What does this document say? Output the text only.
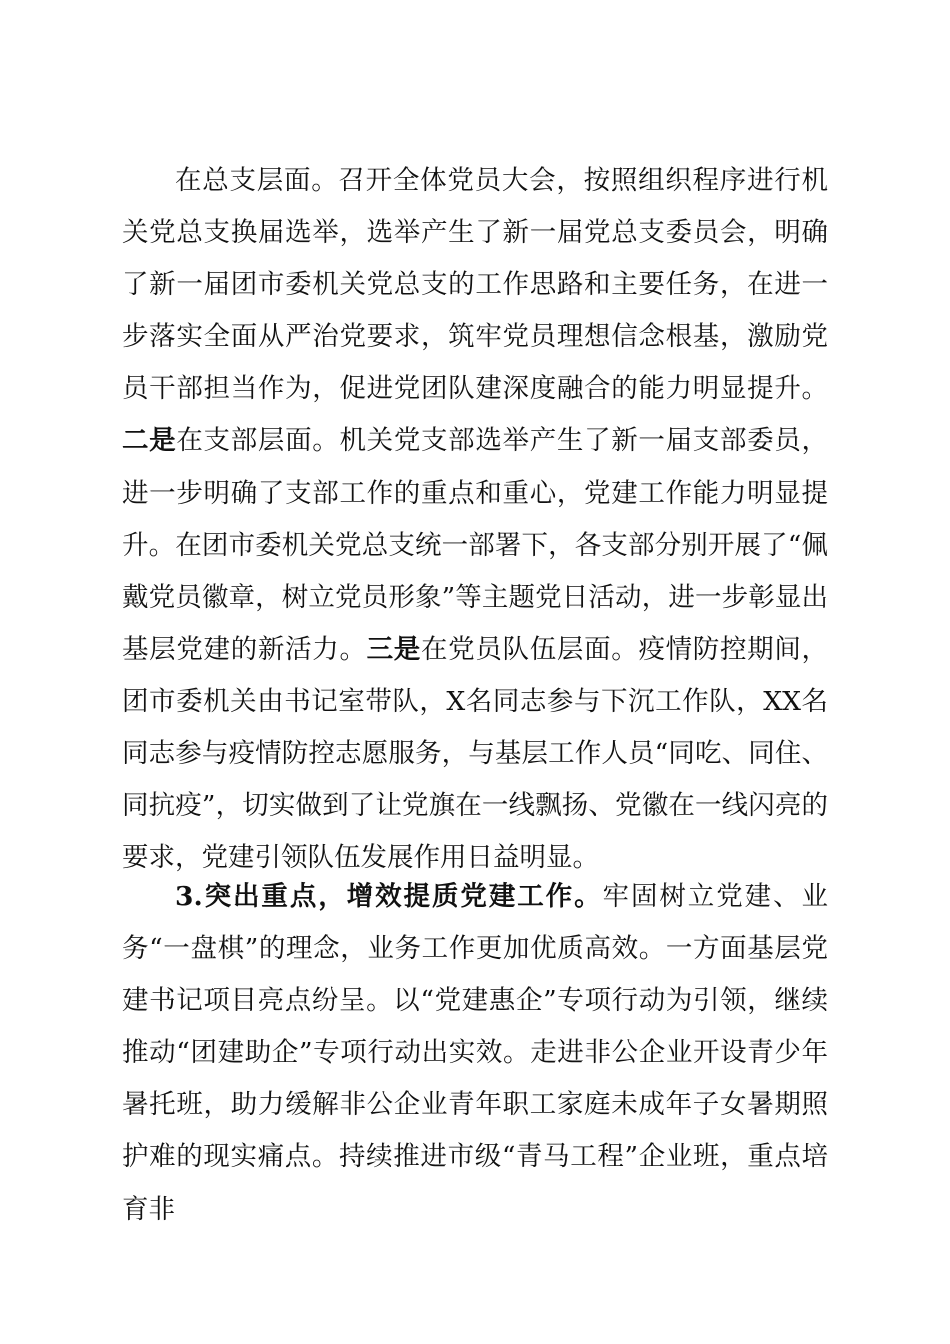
在总支层面。召开全体党员大会，按照组织程序进行机关党总支换届选举，选举产生了新一届党总支委员会，明确了新一届团市委机关党总支的工作思路和主要任务，在进一步落实全面从严治党要求，筑牢党员理想信念根基，激励党员干部担当作为，促进党团队建深度融合的能力明显提升。二是在支部层面。机关党支部选举产生了新一届支部委员，进一步明确了支部工作的重点和重心，党建工作能力明显提升。在团市委机关党总支统一部署下，各支部分别开展了“佩戴党员徽章，树立党员形象”等主题党日活动，进一步彰显出基层党建的新活力。三是在党员队伍层面。疫情防控期间，团市委机关由书记室带队，X名同志参与下沉工作队，XX名同志参与疫情防控志愿服务，与基层工作人员“同吃、同住、同抗疫”，切实做到了让党旗在一线飘扬、党徽在一线闪亮的要求，党建引领队伍发展作用日益明显。

3.突出重点，增效提质党建工作。牢固树立党建、业务“一盘棋”的理念，业务工作更加优质高效。一方面基层党建书记项目亮点纷呈。以“党建惠企”专项行动为引领，继续推动“团建助企”专项行动出实效。走进非公企业开设青少年暑托班，助力缓解非公企业青年职工家庭未成年子女暑期照护难的现实痛点。持续推进市级“青马工程”企业班，重点培育非
